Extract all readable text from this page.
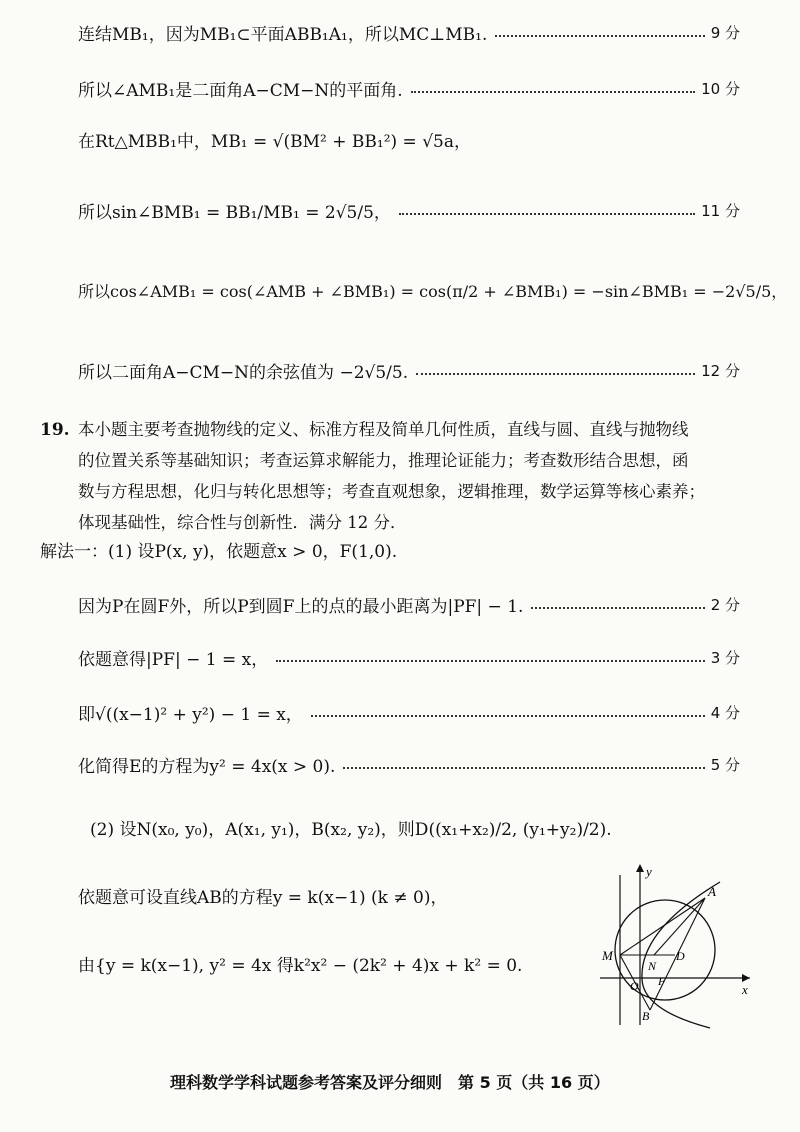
连结MB₁，因为MB₁⊂平面ABB₁A₁，所以MC⊥MB₁.	9 分
所以∠AMB₁是二面角A−CM−N的平面角.	10 分
在Rt△MBB₁中，MB₁ = √(BM² + BB₁²) = √5a，
所以sin∠BMB₁ = BB₁/MB₁ = 2√5/5，	11 分
所以cos∠AMB₁ = cos(∠AMB + ∠BMB₁) = cos(π/2 + ∠BMB₁) = −sin∠BMB₁ = −2√5/5，
所以二面角A−CM−N的余弦值为 −2√5/5.	12 分
19. 本小题主要考查抛物线的定义、标准方程及简单几何性质，直线与圆、直线与抛物线
的位置关系等基础知识；考查运算求解能力，推理论证能力；考查数形结合思想，函
数与方程思想，化归与转化思想等；考查直观想象，逻辑推理，数学运算等核心素养；
体现基础性，综合性与创新性．满分 12 分．
解法一：(1) 设P(x, y)，依题意x > 0，F(1,0).
因为P在圆F外，所以P到圆F上的点的最小距离为|PF| − 1.	2 分
依题意得|PF| − 1 = x，	3 分
即√((x−1)² + y²) − 1 = x，	4 分
化简得E的方程为y² = 4x(x > 0).	5 分
(2) 设N(x₀, y₀)，A(x₁, y₁)，B(x₂, y₂)，则D((x₁+x₂)/2, (y₁+y₂)/2).
依题意可设直线AB的方程y = k(x−1) (k ≠ 0)，
由{y = k(x−1), y² = 4x 得k²x² − (2k² + 4)x + k² = 0.
y
x
A
M
N
D
O F
B
理科数学学科试题参考答案及评分细则　第 5 页（共 16 页）
